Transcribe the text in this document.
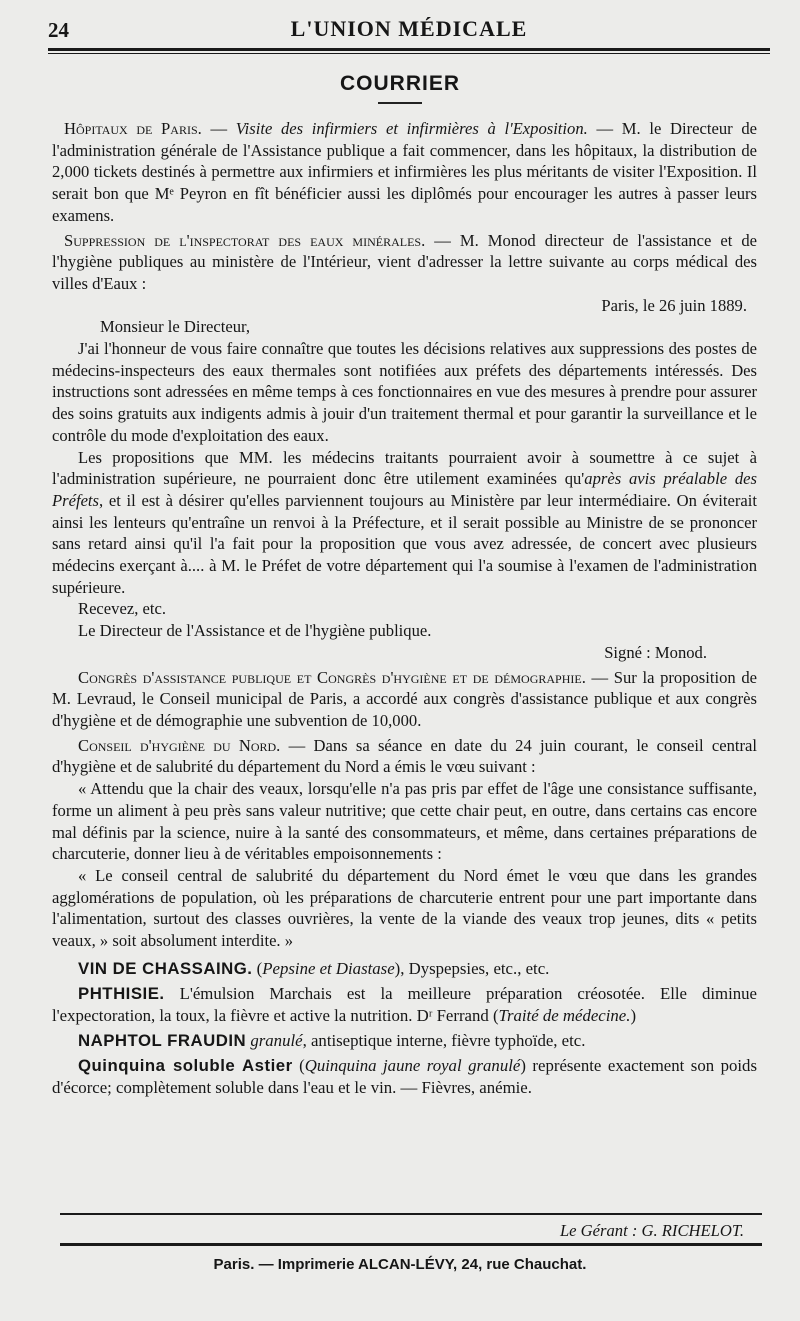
24	L'UNION MÉDICALE
COURRIER

Hôpitaux de Paris. — Visite des infirmiers et infirmières à l'Exposition. — M. le Directeur de l'administration générale de l'Assistance publique a fait commencer, dans les hôpitaux, la distribution de 2,000 tickets destinés à permettre aux infirmiers et infirmières les plus méritants de visiter l'Exposition. Il serait bon que Mᵉ Peyron en fît bénéficier aussi les diplômés pour encourager les autres à passer leurs examens.

Suppression de l'inspectorat des eaux minérales. — M. Monod directeur de l'assistance et de l'hygiène publiques au ministère de l'Intérieur, vient d'adresser la lettre suivante au corps médical des villes d'Eaux :

Paris, le 26 juin 1889.

Monsieur le Directeur,

J'ai l'honneur de vous faire connaître que toutes les décisions relatives aux suppressions des postes de médecins-inspecteurs des eaux thermales sont notifiées aux préfets des départements intéressés. Des instructions sont adressées en même temps à ces fonctionnaires en vue des mesures à prendre pour assurer des soins gratuits aux indigents admis à jouir d'un traitement thermal et pour garantir la surveillance et le contrôle du mode d'exploitation des eaux.

Les propositions que MM. les médecins traitants pourraient avoir à soumettre à ce sujet à l'administration supérieure, ne pourraient donc être utilement examinées qu'après avis préalable des Préfets, et il est à désirer qu'elles parviennent toujours au Ministère par leur intermédiaire. On éviterait ainsi les lenteurs qu'entraîne un renvoi à la Préfecture, et il serait possible au Ministre de se prononcer sans retard ainsi qu'il l'a fait pour la proposition que vous avez adressée, de concert avec plusieurs médecins exerçant à.... à M. le Préfet de votre département qui l'a soumise à l'examen de l'administration supérieure.

Recevez, etc.

Le Directeur de l'Assistance et de l'hygiène publique.

Signé : Monod.

Congrès d'assistance publique et Congrès d'hygiène et de démographie. — Sur la proposition de M. Levraud, le Conseil municipal de Paris, a accordé aux congrès d'assistance publique et aux congrès d'hygiène et de démographie une subvention de 10,000.

Conseil d'hygiène du Nord. — Dans sa séance en date du 24 juin courant, le conseil central d'hygiène et de salubrité du département du Nord a émis le vœu suivant :

« Attendu que la chair des veaux, lorsqu'elle n'a pas pris par effet de l'âge une consistance suffisante, forme un aliment à peu près sans valeur nutritive; que cette chair peut, en outre, dans certains cas encore mal définis par la science, nuire à la santé des consommateurs, et même, dans certaines préparations de charcuterie, donner lieu à de véritables empoisonnements :

« Le conseil central de salubrité du département du Nord émet le vœu que dans les grandes agglomérations de population, où les préparations de charcuterie entrent pour une part importante dans l'alimentation, surtout des classes ouvrières, la vente de la viande des veaux trop jeunes, dits « petits veaux, » soit absolument interdite. »

VIN DE CHASSAING. (Pepsine et Diastase), Dyspepsies, etc., etc.

PHTHISIE. L'émulsion Marchais est la meilleure préparation créosotée. Elle diminue l'expectoration, la toux, la fièvre et active la nutrition. Dʳ Ferrand (Traité de médecine.)

NAPHTOL FRAUDIN granulé, antiseptique interne, fièvre typhoïde, etc.

Quinquina soluble Astier (Quinquina jaune royal granulé) représente exactement son poids d'écorce; complètement soluble dans l'eau et le vin. — Fièvres, anémie.

Le Gérant : G. RICHELOT.
Paris. — Imprimerie ALCAN-LÉVY, 24, rue Chauchat.
